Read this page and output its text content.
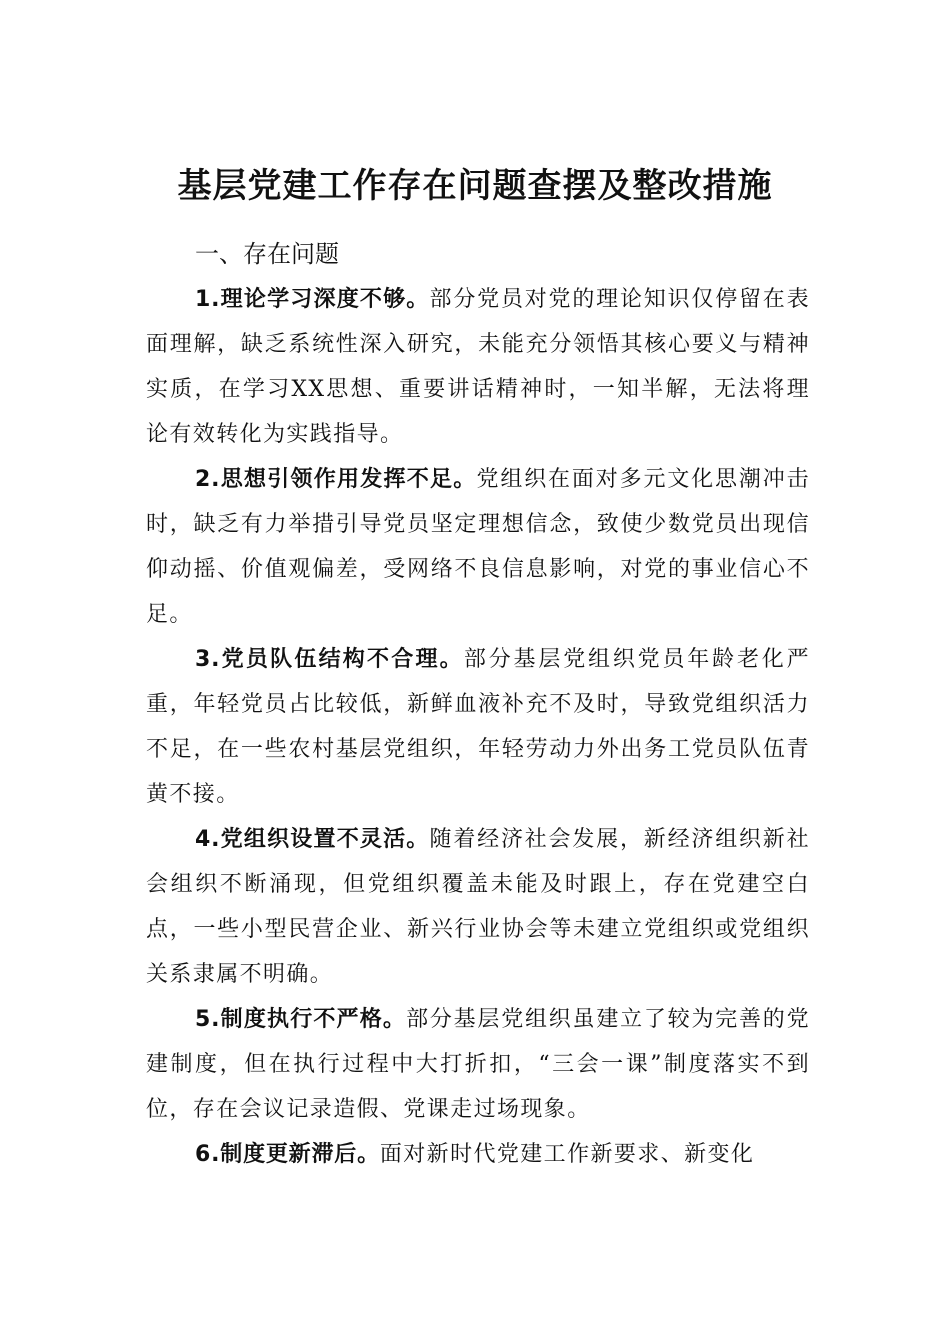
基层党建工作存在问题查摆及整改措施

一、存在问题

1.理论学习深度不够。部分党员对党的理论知识仅停留在表面理解，缺乏系统性深入研究，未能充分领悟其核心要义与精神实质，在学习XX思想、重要讲话精神时，一知半解，无法将理论有效转化为实践指导。

2.思想引领作用发挥不足。党组织在面对多元文化思潮冲击时，缺乏有力举措引导党员坚定理想信念，致使少数党员出现信仰动摇、价值观偏差，受网络不良信息影响，对党的事业信心不足。

3.党员队伍结构不合理。部分基层党组织党员年龄老化严重，年轻党员占比较低，新鲜血液补充不及时，导致党组织活力不足，在一些农村基层党组织，年轻劳动力外出务工党员队伍青黄不接。

4.党组织设置不灵活。随着经济社会发展，新经济组织新社会组织不断涌现，但党组织覆盖未能及时跟上，存在党建空白点，一些小型民营企业、新兴行业协会等未建立党组织或党组织关系隶属不明确。

5.制度执行不严格。部分基层党组织虽建立了较为完善的党建制度，但在执行过程中大打折扣，“三会一课”制度落实不到位，存在会议记录造假、党课走过场现象。

6.制度更新滞后。面对新时代党建工作新要求、新变化
